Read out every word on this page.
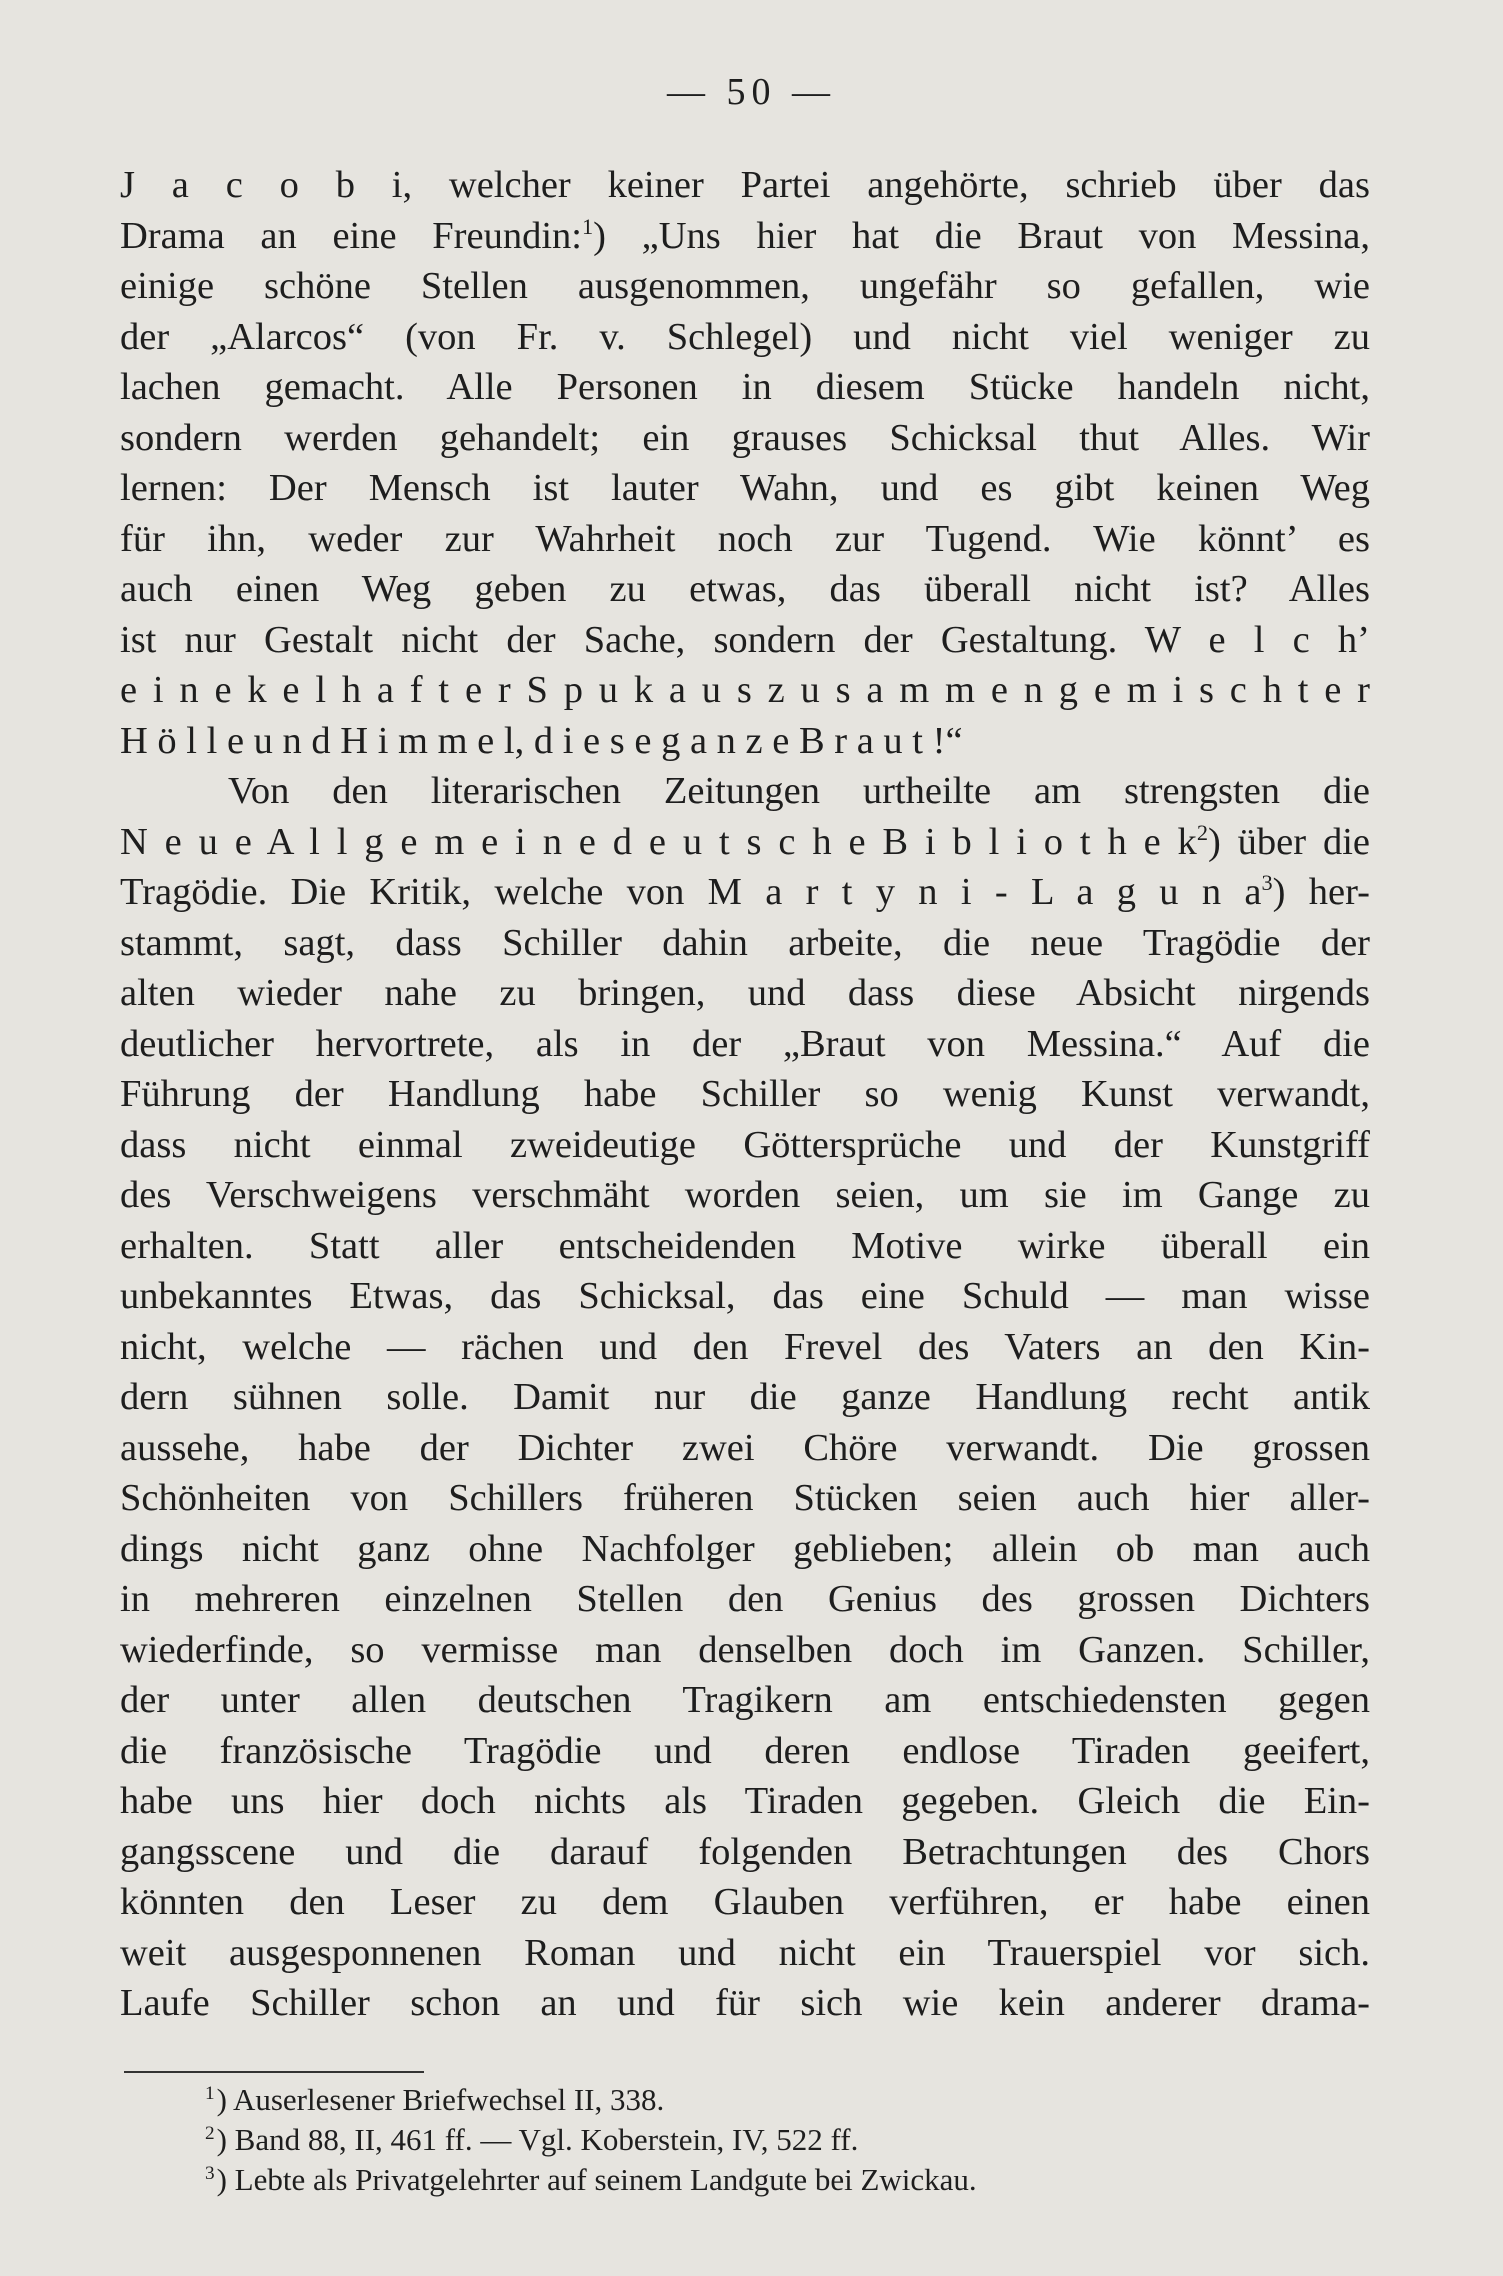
— 50 —
J a c o b i, welcher keiner Partei angehörte, schrieb über das
Drama an eine Freundin:$^1$) „Uns hier hat die Braut von Messina,
einige schöne Stellen ausgenommen, ungefähr so gefallen, wie
der „Alarcos“ (von Fr. v. Schlegel) und nicht viel weniger zu
lachen gemacht. Alle Personen in diesem Stücke handeln nicht,
sondern werden gehandelt; ein grauses Schicksal thut Alles. Wir
lernen: Der Mensch ist lauter Wahn, und es gibt keinen Weg
für ihn, weder zur Wahrheit noch zur Tugend. Wie könnt’ es
auch einen Weg geben zu etwas, das überall nicht ist? Alles
ist nur Gestalt nicht der Sache, sondern der Gestaltung. W e l c h’
e i n e k e l h a f t e r S p u k a u s z u s a m m e n g e m i s c h t e r
H ö l l e u n d H i m m e l, d i e s e g a n z e B r a u t !“
Von den literarischen Zeitungen urtheilte am strengsten die
N e u e A l l g e m e i n e d e u t s c h e B i b l i o t h e $k^2$) über die
Tragödie. Die Kritik, welche von M a r t y n i - L a g u n $a^3$) her-
stammt, sagt, dass Schiller dahin arbeite, die neue Tragödie der
alten wieder nahe zu bringen, und dass diese Absicht nirgends
deutlicher hervortrete, als in der „Braut von Messina.“ Auf die
Führung der Handlung habe Schiller so wenig Kunst verwandt,
dass nicht einmal zweideutige Göttersprüche und der Kunstgriff
des Verschweigens verschmäht worden seien, um sie im Gange zu
erhalten. Statt aller entscheidenden Motive wirke überall ein
unbekanntes Etwas, das Schicksal, das eine Schuld — man wisse
nicht, welche — rächen und den Frevel des Vaters an den Kin-
dern sühnen solle. Damit nur die ganze Handlung recht antik
aussehe, habe der Dichter zwei Chöre verwandt. Die grossen
Schönheiten von Schillers früheren Stücken seien auch hier aller-
dings nicht ganz ohne Nachfolger geblieben; allein ob man auch
in mehreren einzelnen Stellen den Genius des grossen Dichters
wiederfinde, so vermisse man denselben doch im Ganzen. Schiller,
der unter allen deutschen Tragikern am entschiedensten gegen
die französische Tragödie und deren endlose Tiraden geeifert,
habe uns hier doch nichts als Tiraden gegeben. Gleich die Ein-
gangsscene und die darauf folgenden Betrachtungen des Chors
könnten den Leser zu dem Glauben verführen, er habe einen
weit ausgesponnenen Roman und nicht ein Trauerspiel vor sich.
Laufe Schiller schon an und für sich wie kein anderer drama-
$^1$) Auserlesener Briefwechsel II, 338.
$^2$) Band 88, II, 461 ff. — Vgl. Koberstein, IV, 522 ff.
$^3$) Lebte als Privatgelehrter auf seinem Landgute bei Zwickau.
